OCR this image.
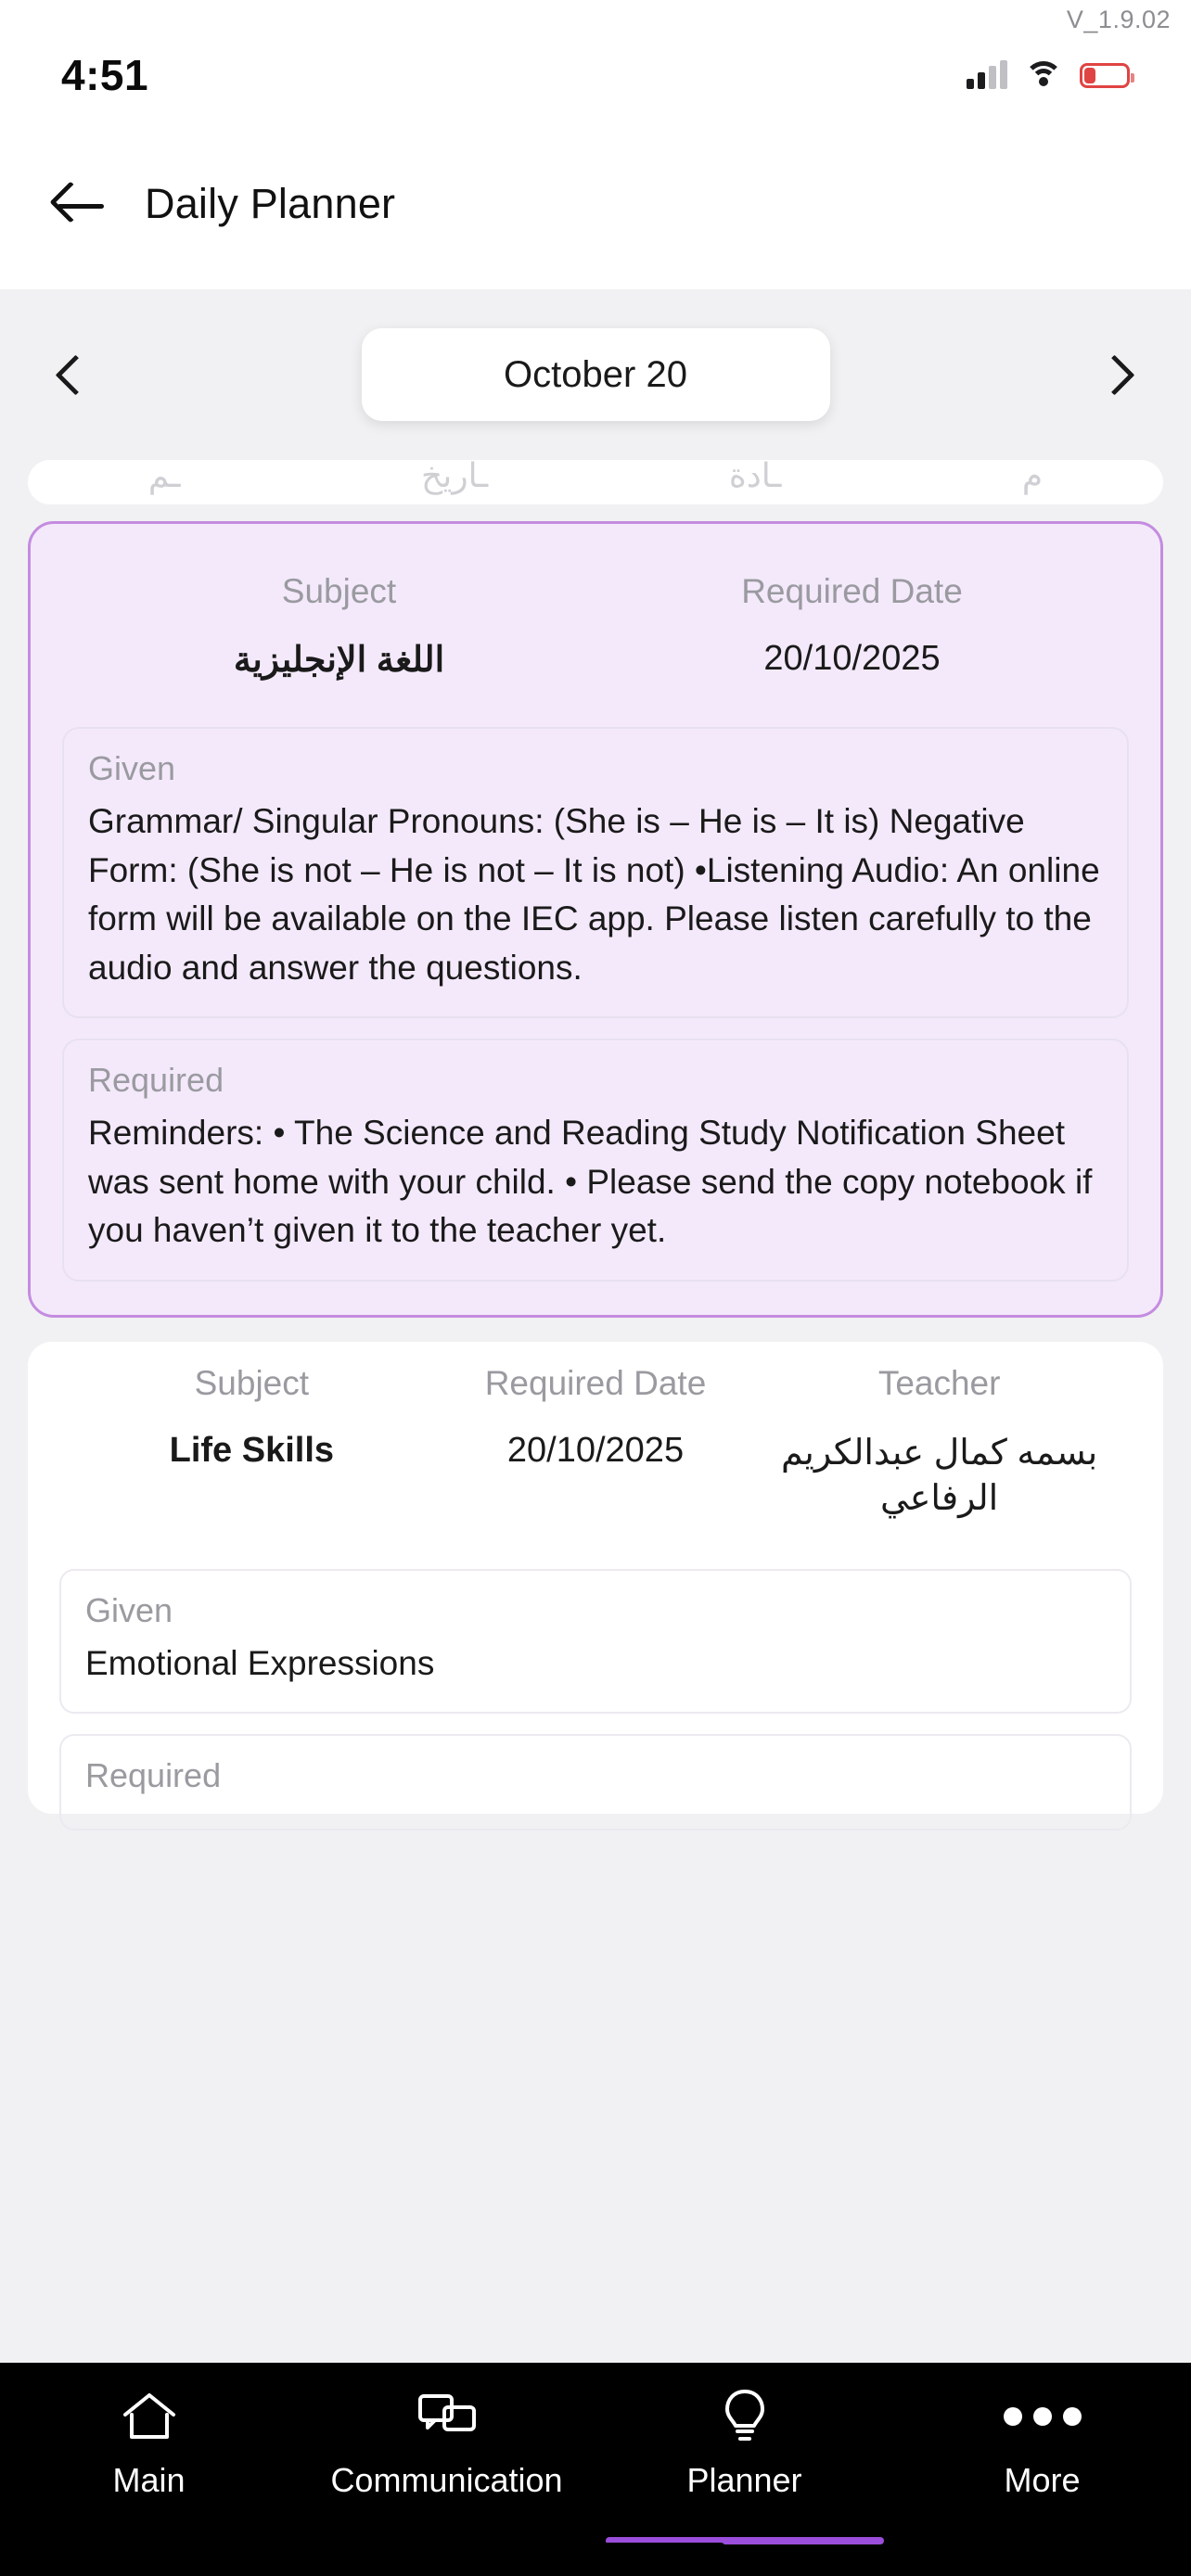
V_1.9.02
4:51
Daily Planner
October 20
م
ـادة
ـاريخ
ـم
Subject	Required Date
اللغة الإنجليزية	20/10/2025
Given
Grammar/ Singular Pronouns: (She is – He is – It is) Negative Form: (She is not – He is not – It is not) •Listening Audio: An online form will be available on the IEC app. Please listen carefully to the audio and answer the questions.
Required
Reminders: • The Science and Reading Study Notification Sheet was sent home with your child. • Please send the copy notebook if you haven’t given it to the teacher yet.
Subject	Required Date	Teacher
Life Skills	20/10/2025	بسمه كمال عبدالكريم الرفاعي
Given
Emotional Expressions
Required
Main	Communication	Planner	More
